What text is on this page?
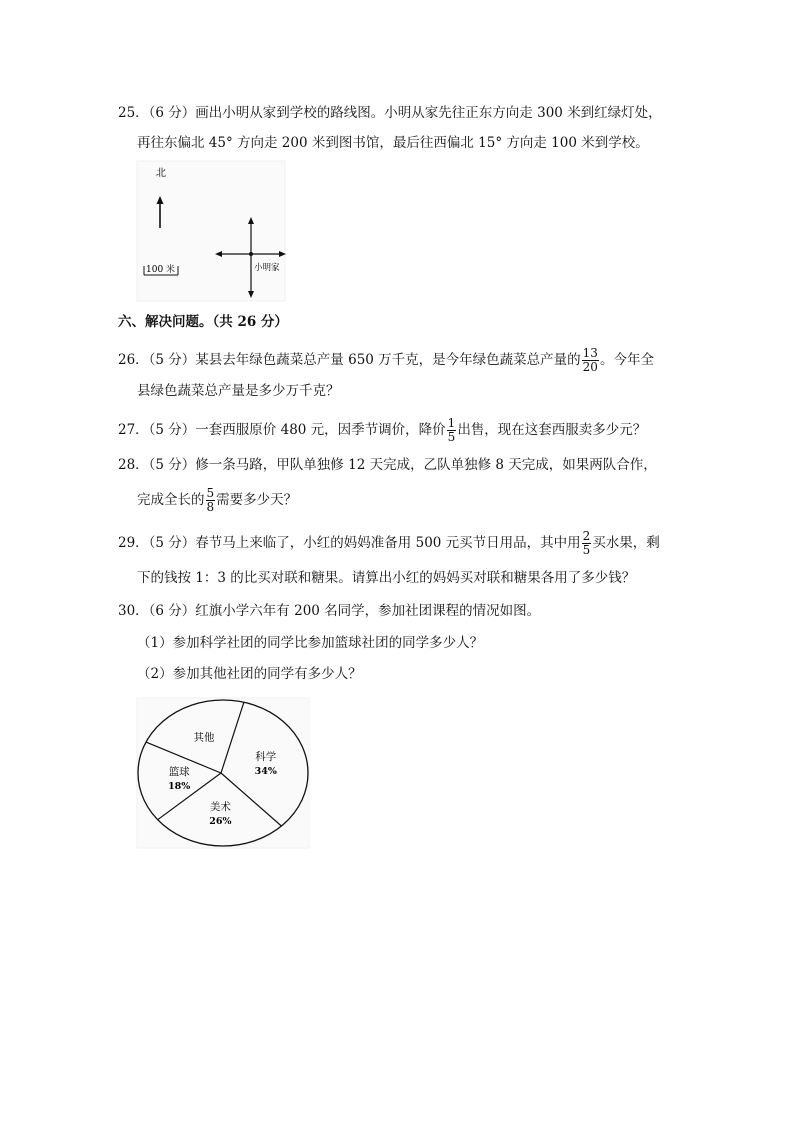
25．（6 分）画出小明从家到学校的路线图。小明从家先往正东方向走 300 米到红绿灯处，
再往东偏北 45° 方向走 200 米到图书馆，最后往西偏北 15° 方向走 100 米到学校。
北
100 米	小明家
六、解决问题。（共 26 分）
26．（5 分）某县去年绿色蔬菜总产量 650 万千克，是今年绿色蔬菜总产量的 $\frac{13}{20}$ 。今年全
县绿色蔬菜总产量是多少万千克？
27．（5 分）一套西服原价 480 元，因季节调价，降价 $\frac{1}{5}$ 出售，现在这套西服卖多少元？
28．（5 分）修一条马路，甲队单独修 12 天完成，乙队单独修 8 天完成，如果两队合作，
完成全长的 $\frac{5}{8}$ 需要多少天？
29．（5 分）春节马上来临了，小红的妈妈准备用 500 元买节日用品，其中用 $\frac{2}{5}$ 买水果，剩
下的钱按 1：3 的比买对联和糖果。请算出小红的妈妈买对联和糖果各用了多少钱？
30．（6 分）红旗小学六年有 200 名同学，参加社团课程的情况如图。
（1）参加科学社团的同学比参加篮球社团的同学多少人？
（2）参加其他社团的同学有多少人？
其他
科学
34%
美术
26%
篮球
18%
